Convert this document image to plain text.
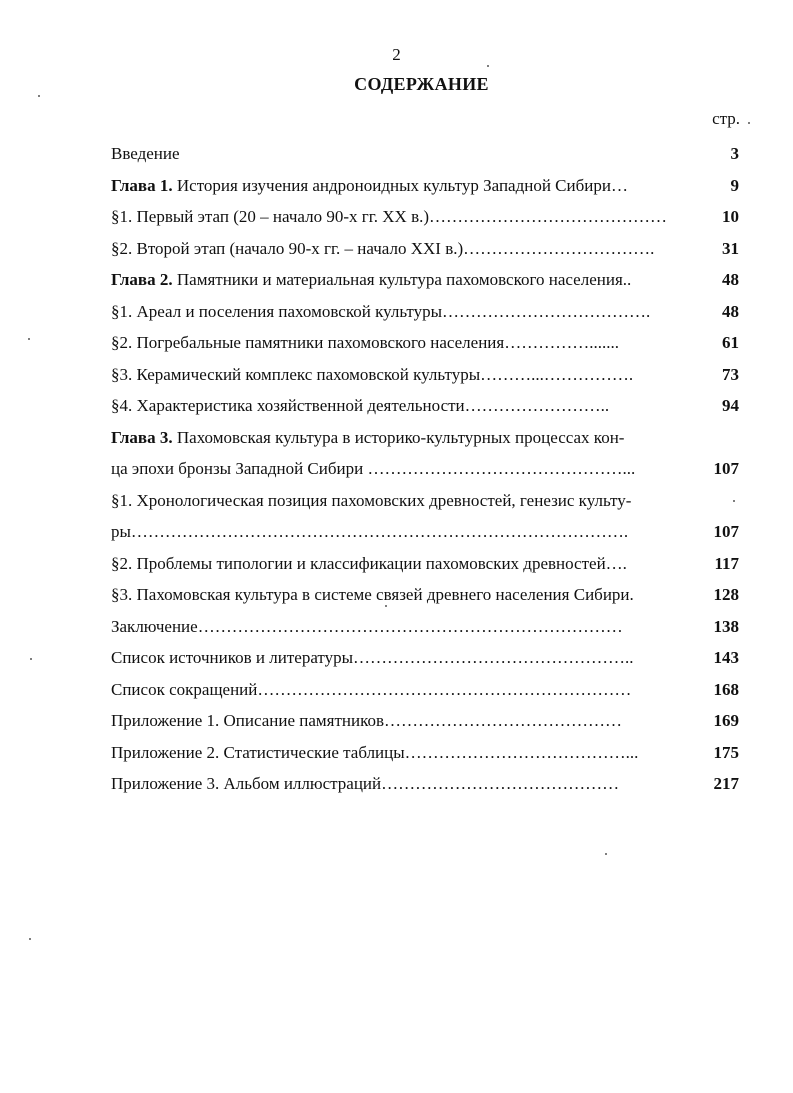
2
СОДЕРЖАНИЕ
стр.
Введение	3
Глава 1. История изучения андроноидных культур Западной Сибири…	9
§1. Первый этап (20 – начало 90-х гг. ХХ в.)……………………………………	10
§2. Второй этап (начало 90-х гг. – начало ХХI в.)…………………………….	31
Глава 2. Памятники и материальная культура пахомовского населения..	48
§1. Ареал и поселения пахомовской культуры……………………………….	48
§2. Погребальные памятники пахомовского населения…………….......	61
§3. Керамический комплекс пахомовской культуры………...…………….	73
§4. Характеристика хозяйственной деятельности……………………..	94
Глава 3. Пахомовская культура в историко-культурных процессах кон-
ца эпохи бронзы Западной Сибири ………………………………………...	107
§1. Хронологическая позиция пахомовских древностей, генезис культу-
ры…………………………………………………………………………….	107
§2. Проблемы типологии и классификации пахомовских древностей….	117
§3. Пахомовская культура в системе связей древнего населения Сибири.	128
Заключение…………………………………………………………………	138
Список источников и литературы…………………………………………..	143
Список сокращений…………………………………………………………	168
Приложение 1. Описание памятников……………………………………	169
Приложение 2. Статистические таблицы…………………………………...	175
Приложение 3. Альбом иллюстраций……………………………………	217
